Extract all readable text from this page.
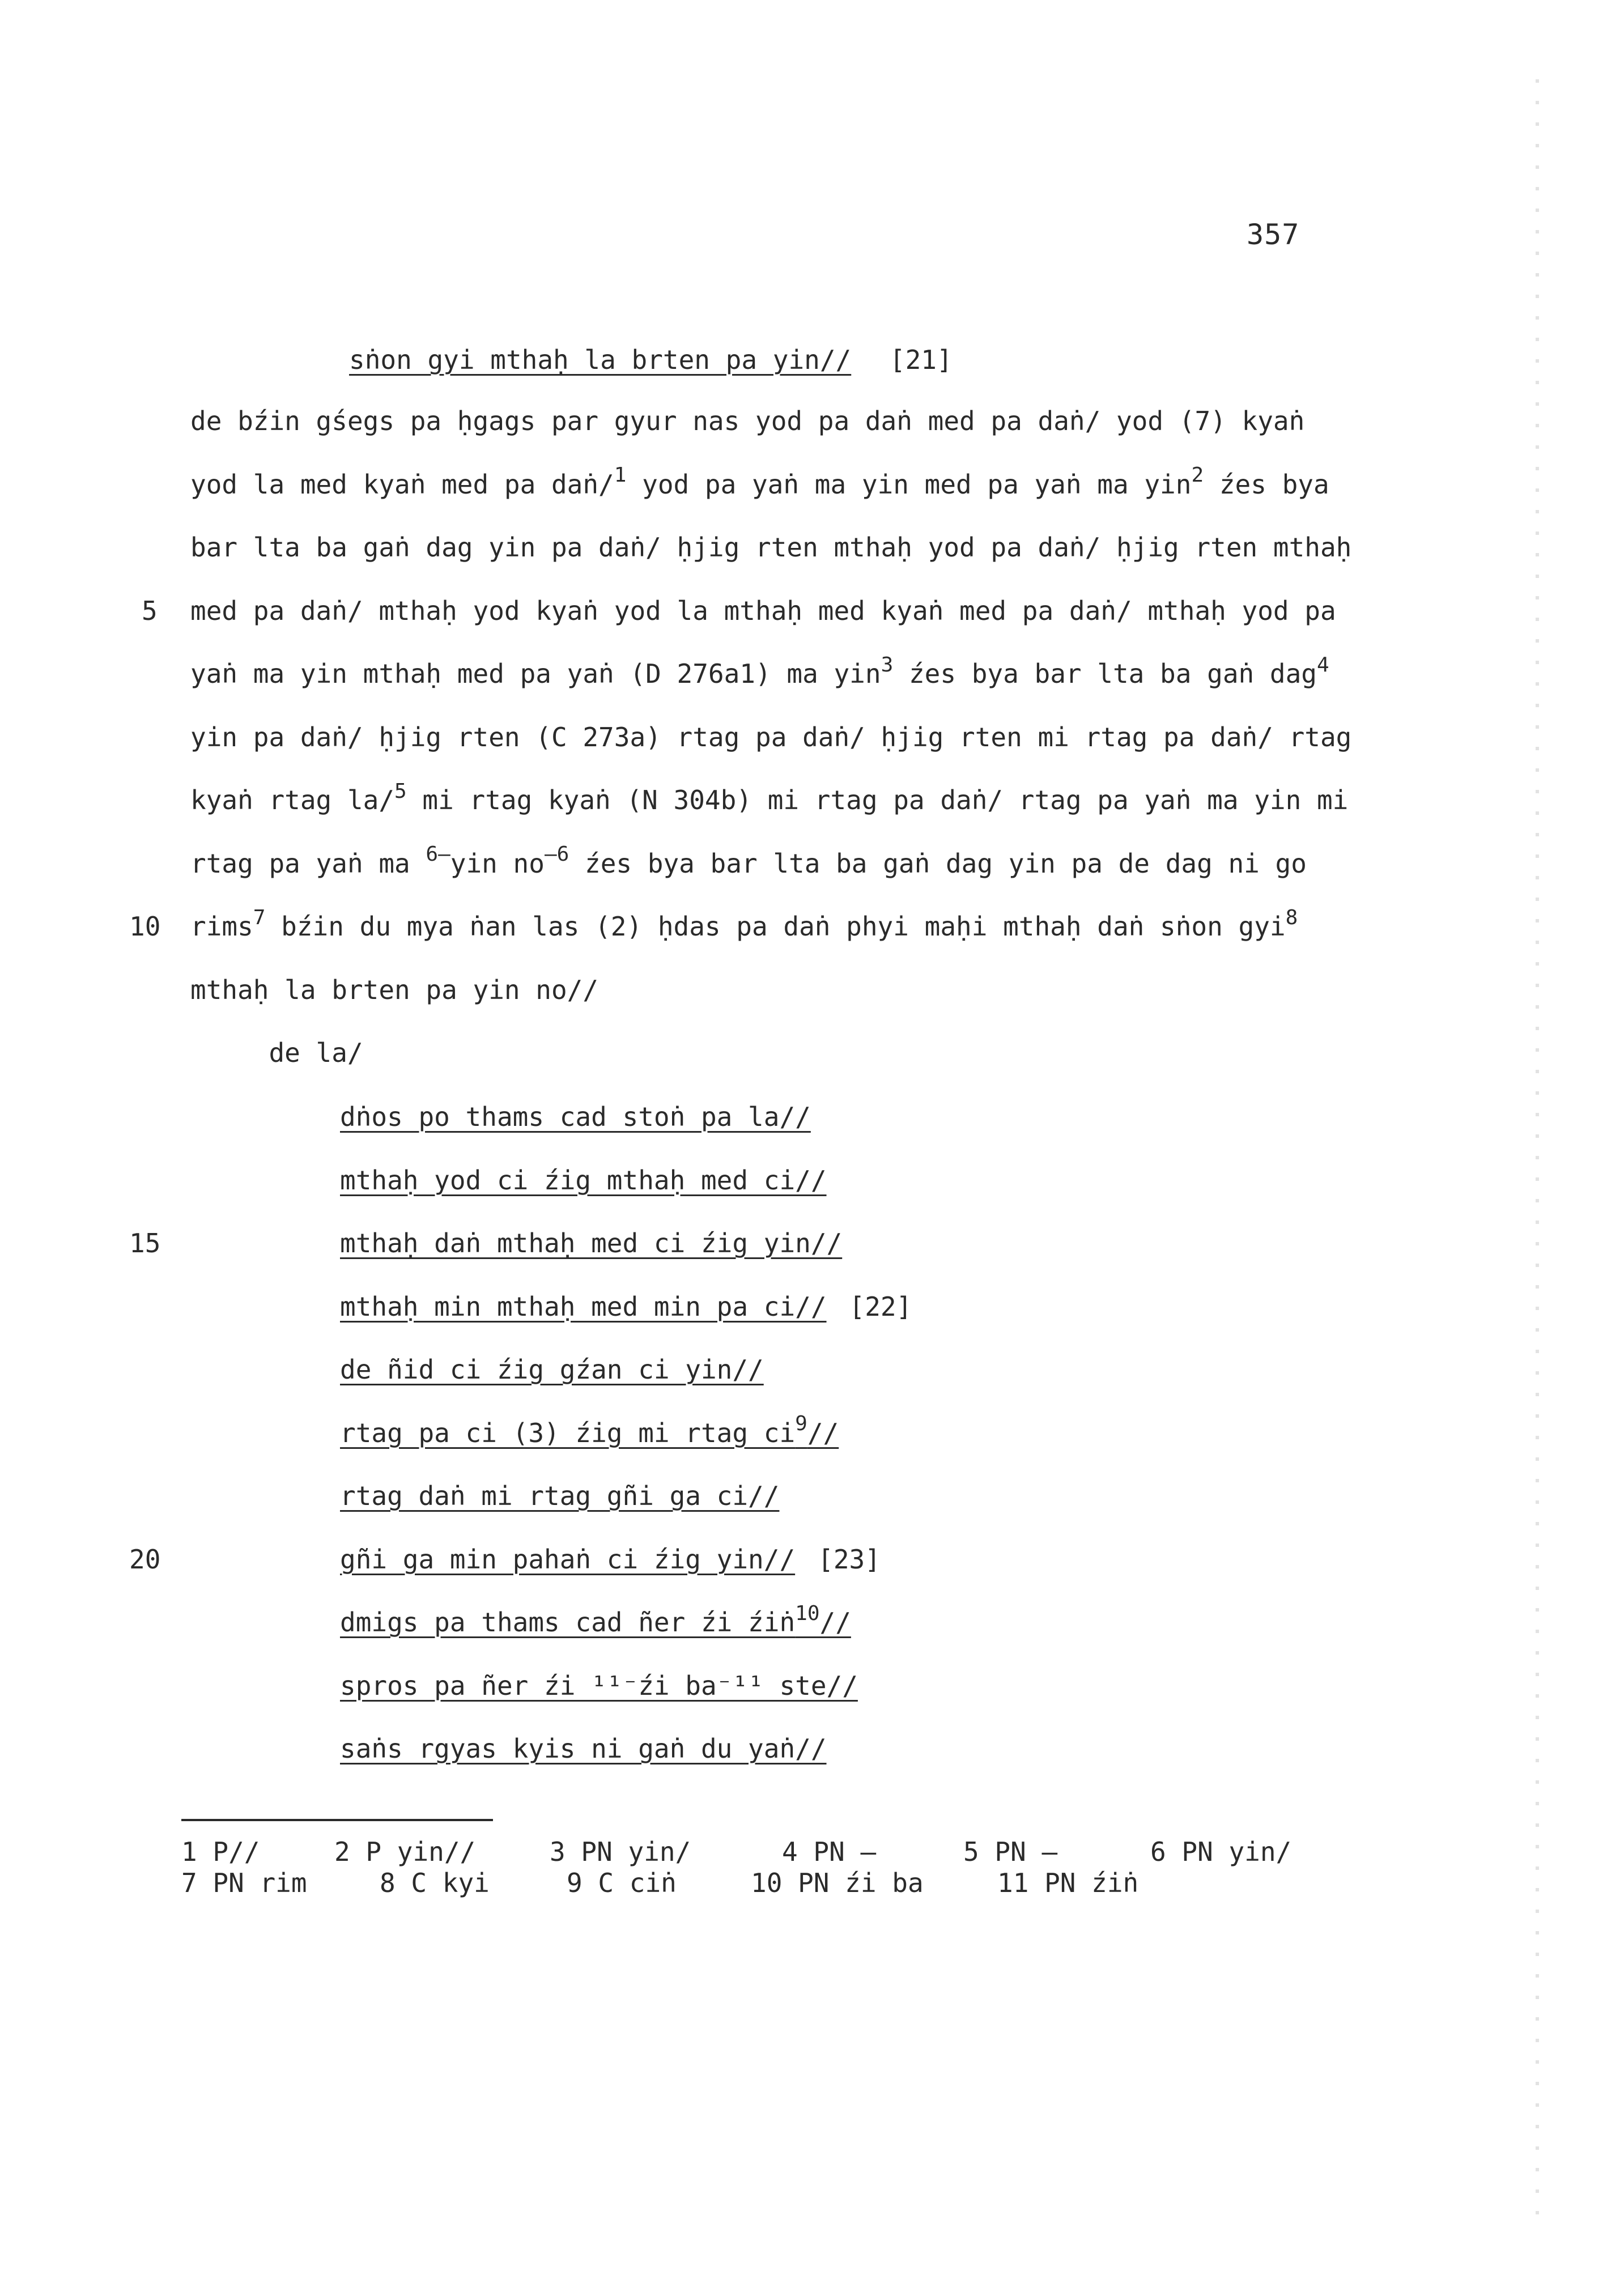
357
sṅon gyi mthaḥ la brten pa yin// [21]
de bźin gśegs pa ḥgags par gyur nas yod pa daṅ med pa daṅ/ yod (7) kyaṅ
yod la med kyaṅ med pa daṅ/$^1$ yod pa yaṅ ma yin med pa yaṅ ma yin$^2$ źes bya
bar lta ba gaṅ dag yin pa daṅ/ ḥjig rten mthaḥ yod pa daṅ/ ḥjig rten mthaḥ
5 med pa daṅ/ mthaḥ yod kyaṅ yod la mthaḥ med kyaṅ med pa daṅ/ mthaḥ yod pa
yaṅ ma yin mthaḥ med pa yaṅ (D 276a1) ma yin$^3$ źes bya bar lta ba gaṅ dag$^4$
yin pa daṅ/ ḥjig rten (C 273a) rtag pa daṅ/ ḥjig rten mi rtag pa daṅ/ rtag
kyaṅ rtag la/$^5$ mi rtag kyaṅ (N 304b) mi rtag pa daṅ/ rtag pa yaṅ ma yin mi
rtag pa yaṅ ma $^{6-}$yin $no^{-6}$ źes bya bar lta ba gaṅ dag yin pa de dag ni go
10 rims$^7$ bźin du mya ṅan las (2) ḥdas pa daṅ phyi maḥi mthaḥ daṅ sṅon gyi$^8$
mthaḥ la brten pa yin no//
de la/
dṅos po thams cad stoṅ pa la//
mthaḥ yod ci źig mthaḥ med ci//
15	mthaḥ daṅ mthaḥ med ci źig yin//
mthaḥ min mthaḥ med min pa ci// [22]
de ñid ci źig gźan ci yin//
rtag pa ci (3) źig mi rtag $ci^9//$
rtag daṅ mi rtag gñi ga ci//
20	gñi ga min pahaṅ ci źig yin// [23]
dmigs pa thams cad ñer źi źiṅ$^{10}$//
spros pa ñer źi ¹¹⁻źi ba⁻¹¹ ste//
saṅs rgyas kyis ni gaṅ du yaṅ//
1 P//	2 P yin//	3 PN yin/	4 PN —	5 PN —	6 PN yin/
7 PN rim	8 C kyi	9 C ciṅ	10 PN źi ba	11 PN źiṅ
